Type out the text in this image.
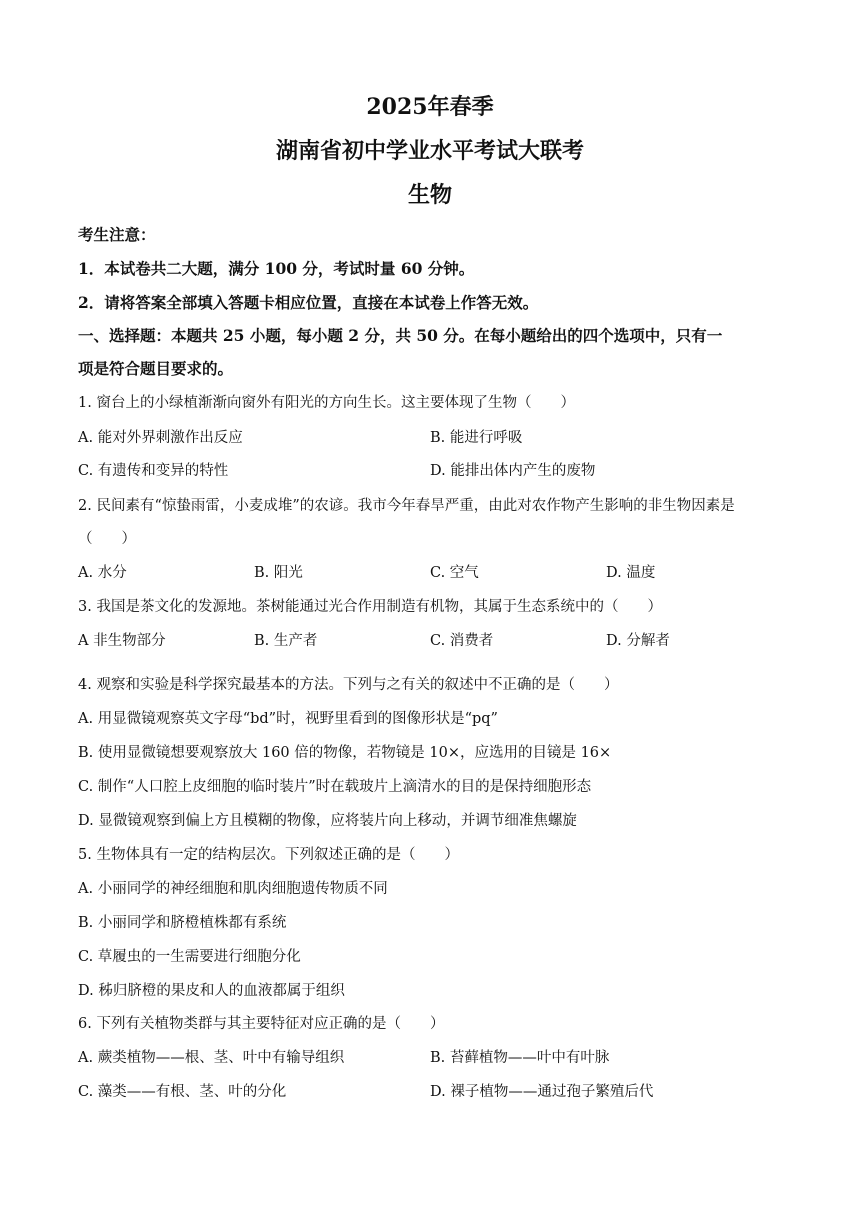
2025年春季
湖南省初中学业水平考试大联考
生物
考生注意：
1．本试卷共二大题，满分 100 分，考试时量 60 分钟。
2．请将答案全部填入答题卡相应位置，直接在本试卷上作答无效。
一、选择题：本题共 25 小题，每小题 2 分，共 50 分。在每小题给出的四个选项中，只有一
项是符合题目要求的。
1. 窗台上的小绿植渐渐向窗外有阳光的方向生长。这主要体现了生物（　　）
A. 能对外界刺激作出反应	B. 能进行呼吸
C. 有遗传和变异的特性	D. 能排出体内产生的废物
2. 民间素有“惊蛰雨雷，小麦成堆”的农谚。我市今年春旱严重，由此对农作物产生影响的非生物因素是
（　　）
A. 水分	B. 阳光	C. 空气	D. 温度
3. 我国是茶文化的发源地。茶树能通过光合作用制造有机物，其属于生态系统中的（　　）
A 非生物部分	B. 生产者	C. 消费者	D. 分解者
4. 观察和实验是科学探究最基本的方法。下列与之有关的叙述中不正确的是（　　）
A. 用显微镜观察英文字母“bd”时，视野里看到的图像形状是“pq”
B. 使用显微镜想要观察放大 160 倍的物像，若物镜是 10×，应选用的目镜是 16×
C. 制作“人口腔上皮细胞的临时装片”时在载玻片上滴清水的目的是保持细胞形态
D. 显微镜观察到偏上方且模糊的物像，应将装片向上移动，并调节细准焦螺旋
5. 生物体具有一定的结构层次。下列叙述正确的是（　　）
A. 小丽同学的神经细胞和肌肉细胞遗传物质不同
B. 小丽同学和脐橙植株都有系统
C. 草履虫的一生需要进行细胞分化
D. 秭归脐橙的果皮和人的血液都属于组织
6. 下列有关植物类群与其主要特征对应正确的是（　　）
A. 蕨类植物——根、茎、叶中有输导组织	B. 苔藓植物——叶中有叶脉
C. 藻类——有根、茎、叶的分化	D. 裸子植物——通过孢子繁殖后代
